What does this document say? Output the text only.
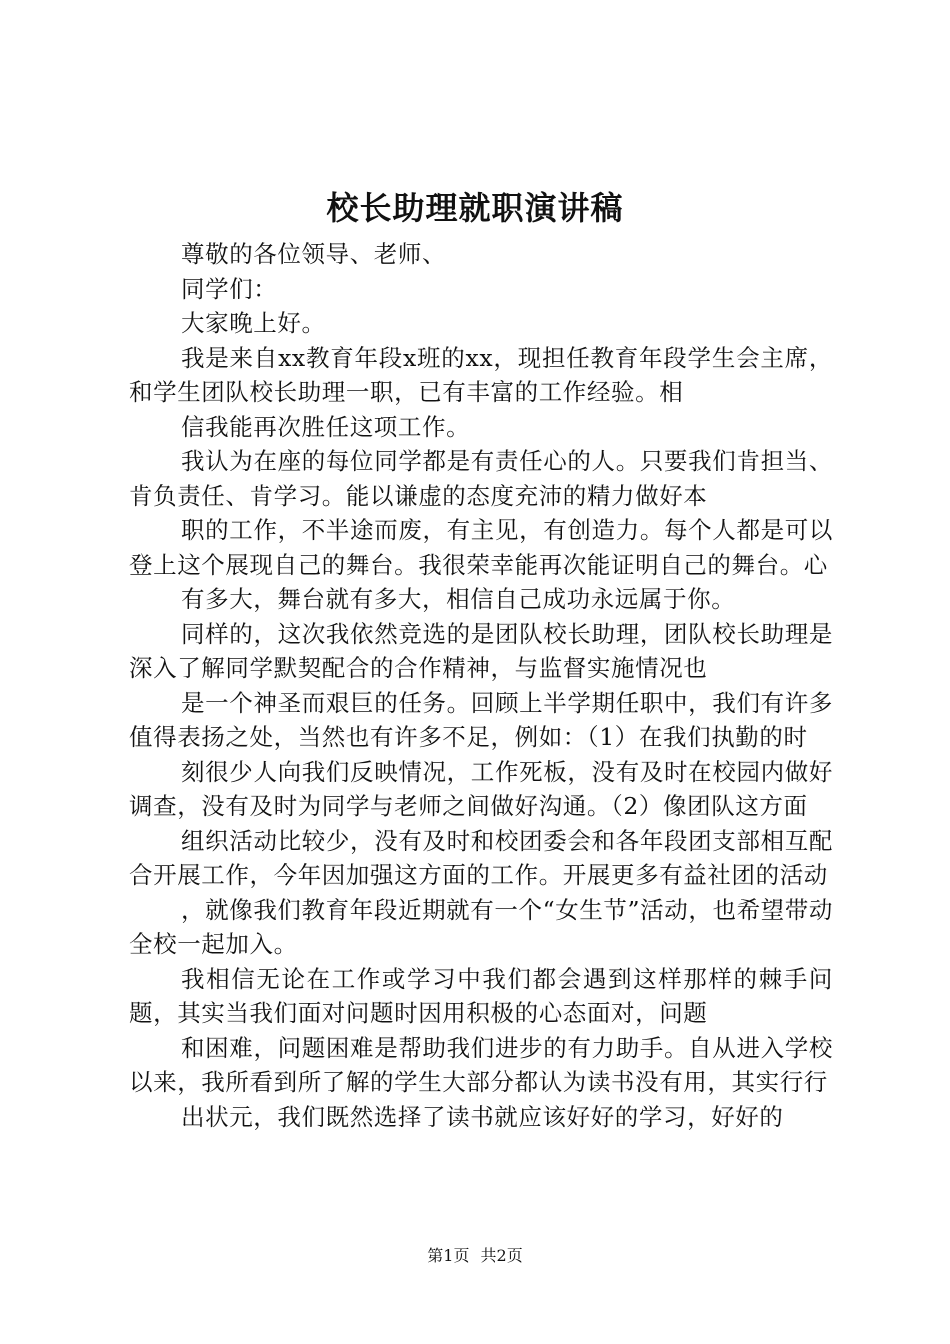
校长助理就职演讲稿

尊敬的各位领导、老师、

同学们：

大家晚上好。

我是来自xx教育年段x班的xx，现担任教育年段学生会主席，和学生团队校长助理一职，已有丰富的工作经验。相

信我能再次胜任这项工作。

我认为在座的每位同学都是有责任心的人。只要我们肯担当、肯负责任、肯学习。能以谦虚的态度充沛的精力做好本

职的工作，不半途而废，有主见，有创造力。每个人都是可以登上这个展现自己的舞台。我很荣幸能再次能证明自己的舞台。心

有多大，舞台就有多大，相信自己成功永远属于你。

同样的，这次我依然竞选的是团队校长助理，团队校长助理是深入了解同学默契配合的合作精神，与监督实施情况也

是一个神圣而艰巨的任务。回顾上半学期任职中，我们有许多值得表扬之处，当然也有许多不足，例如：（1）在我们执勤的时

刻很少人向我们反映情况，工作死板，没有及时在校园内做好调查，没有及时为同学与老师之间做好沟通。（2）像团队这方面

组织活动比较少，没有及时和校团委会和各年段团支部相互配合开展工作，今年因加强这方面的工作。开展更多有益社团的活动

，就像我们教育年段近期就有一个“女生节”活动，也希望带动全校一起加入。

我相信无论在工作或学习中我们都会遇到这样那样的棘手问题，其实当我们面对问题时因用积极的心态面对，问题

和困难，问题困难是帮助我们进步的有力助手。自从进入学校以来，我所看到所了解的学生大部分都认为读书没有用，其实行行

出状元，我们既然选择了读书就应该好好的学习，好好的

第1页 共2页
